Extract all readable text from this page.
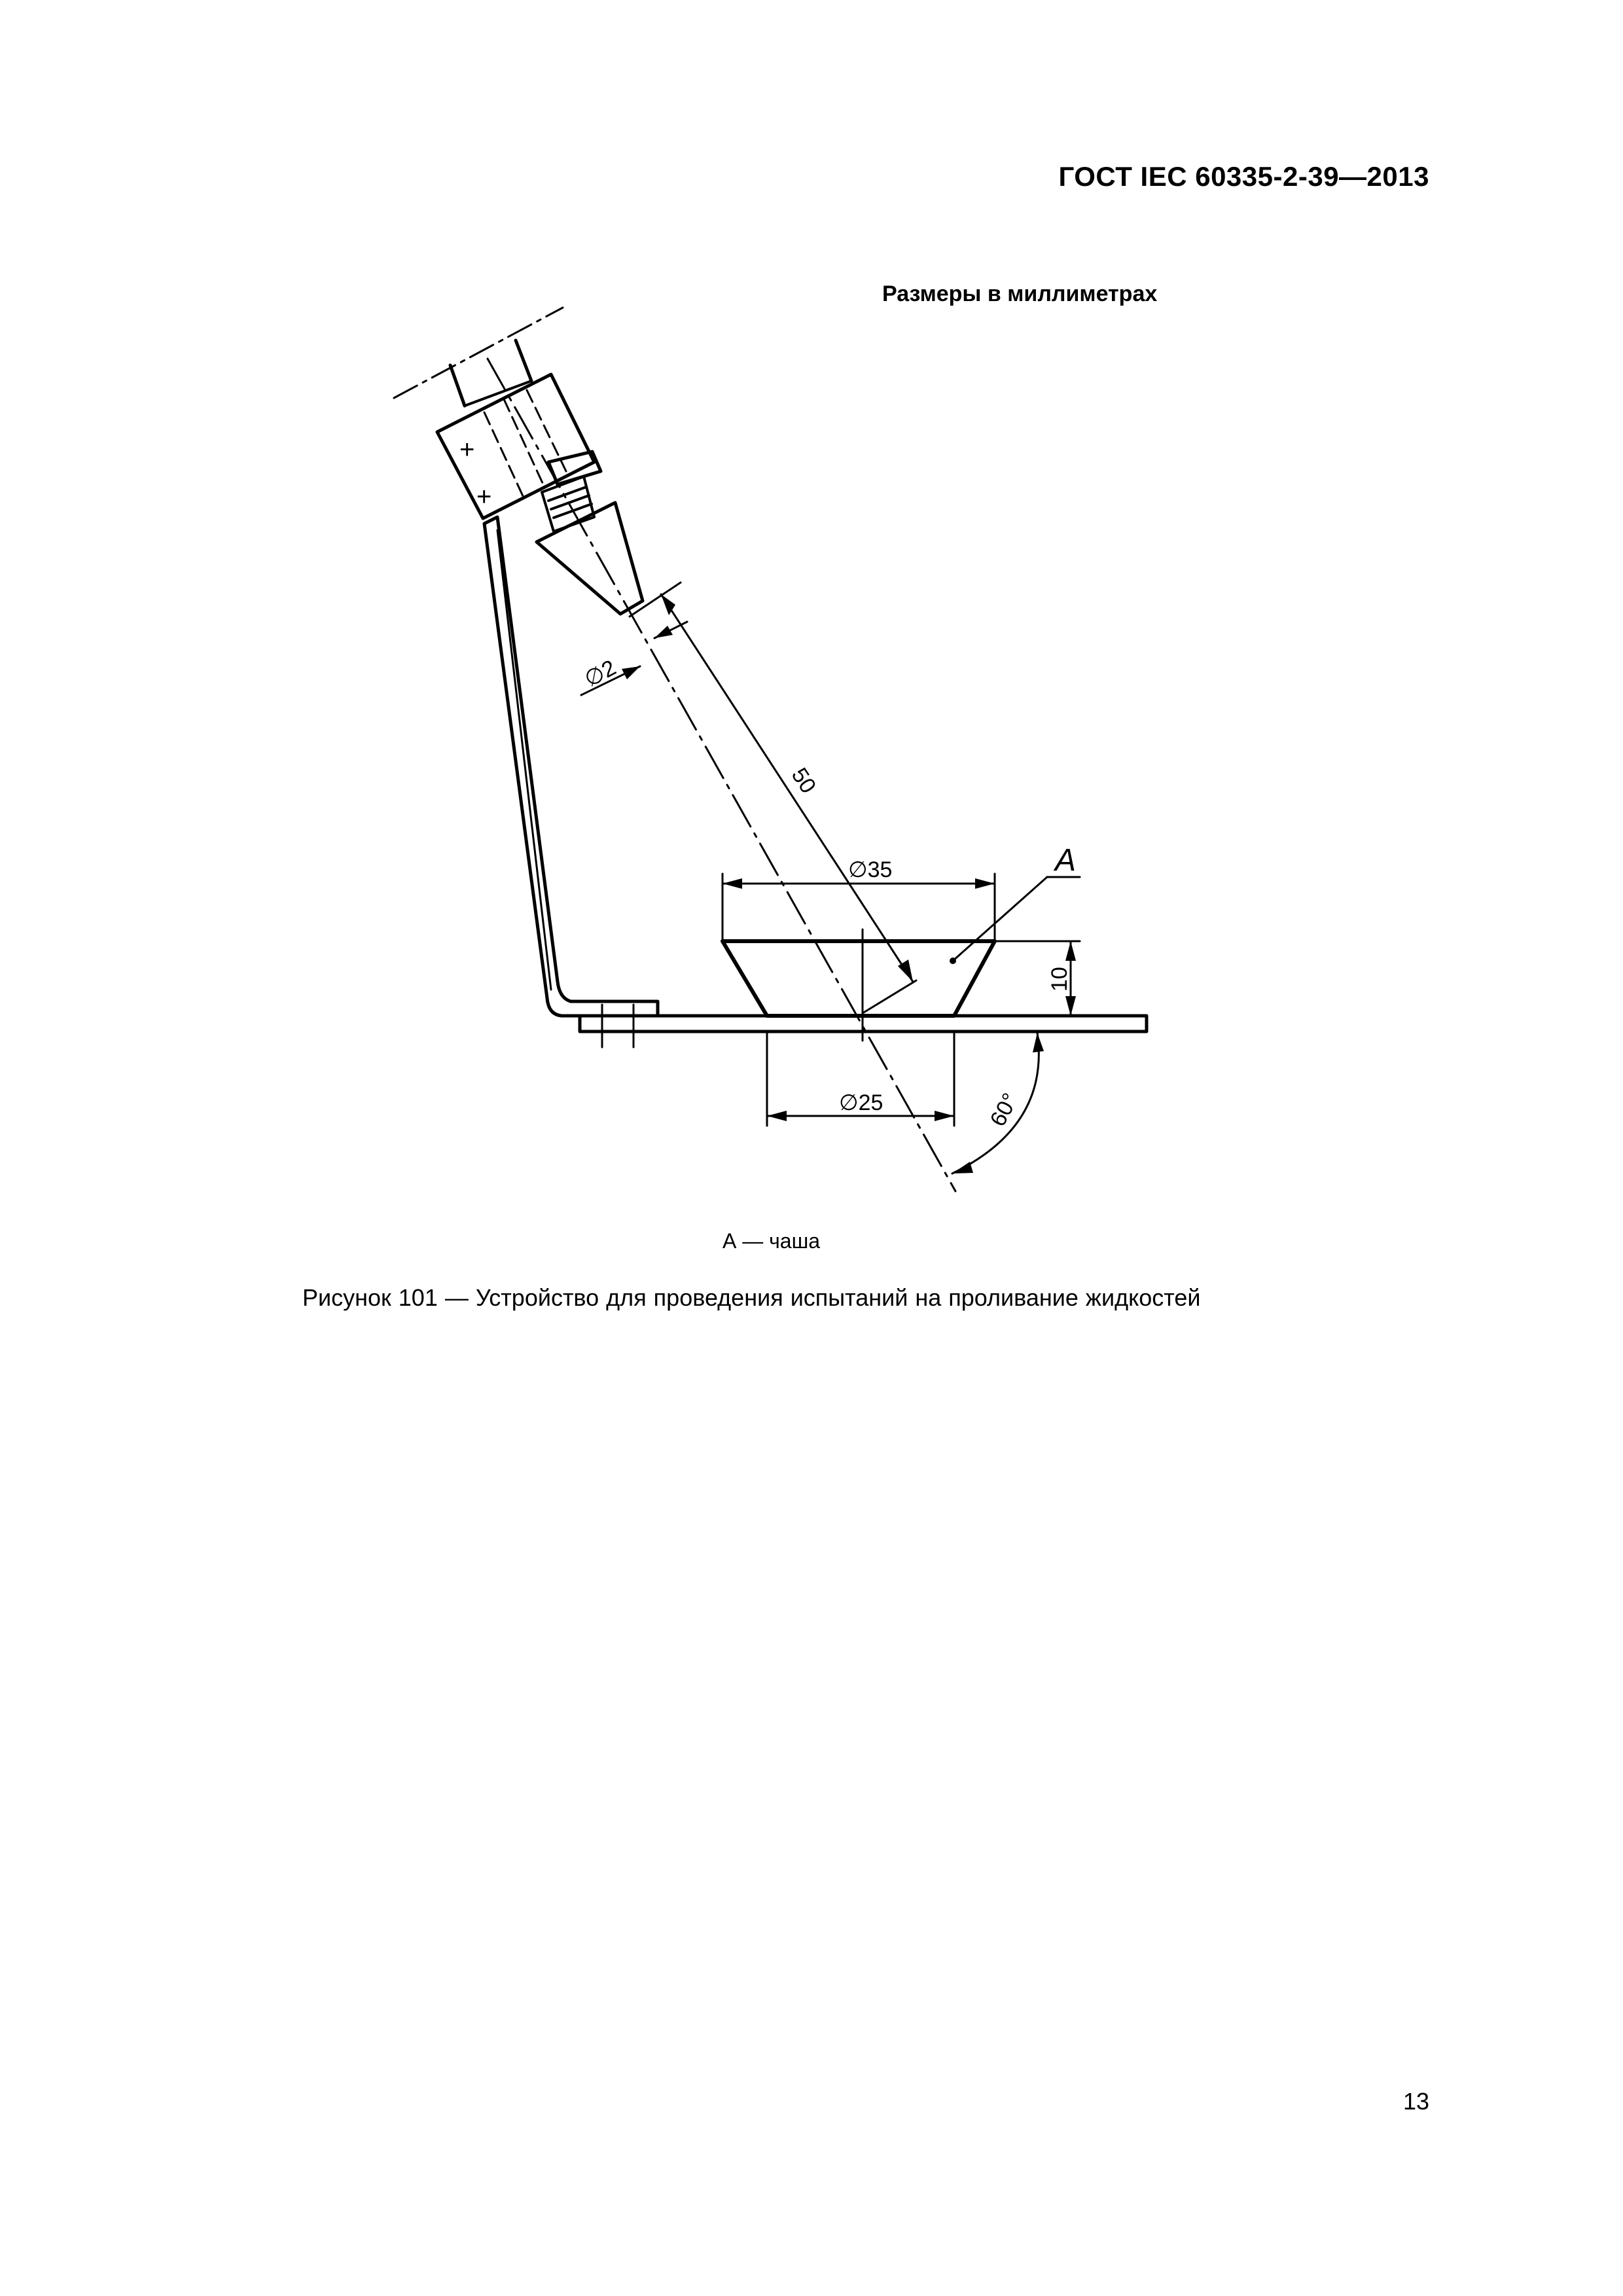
ГОСТ IEC 60335-2-39—2013
Размеры в миллиметрах
+
+
∅2
50
∅35	A
10
∅25	60°
А — чаша
Рисунок 101 — Устройство для проведения испытаний на проливание жидкостей
13
